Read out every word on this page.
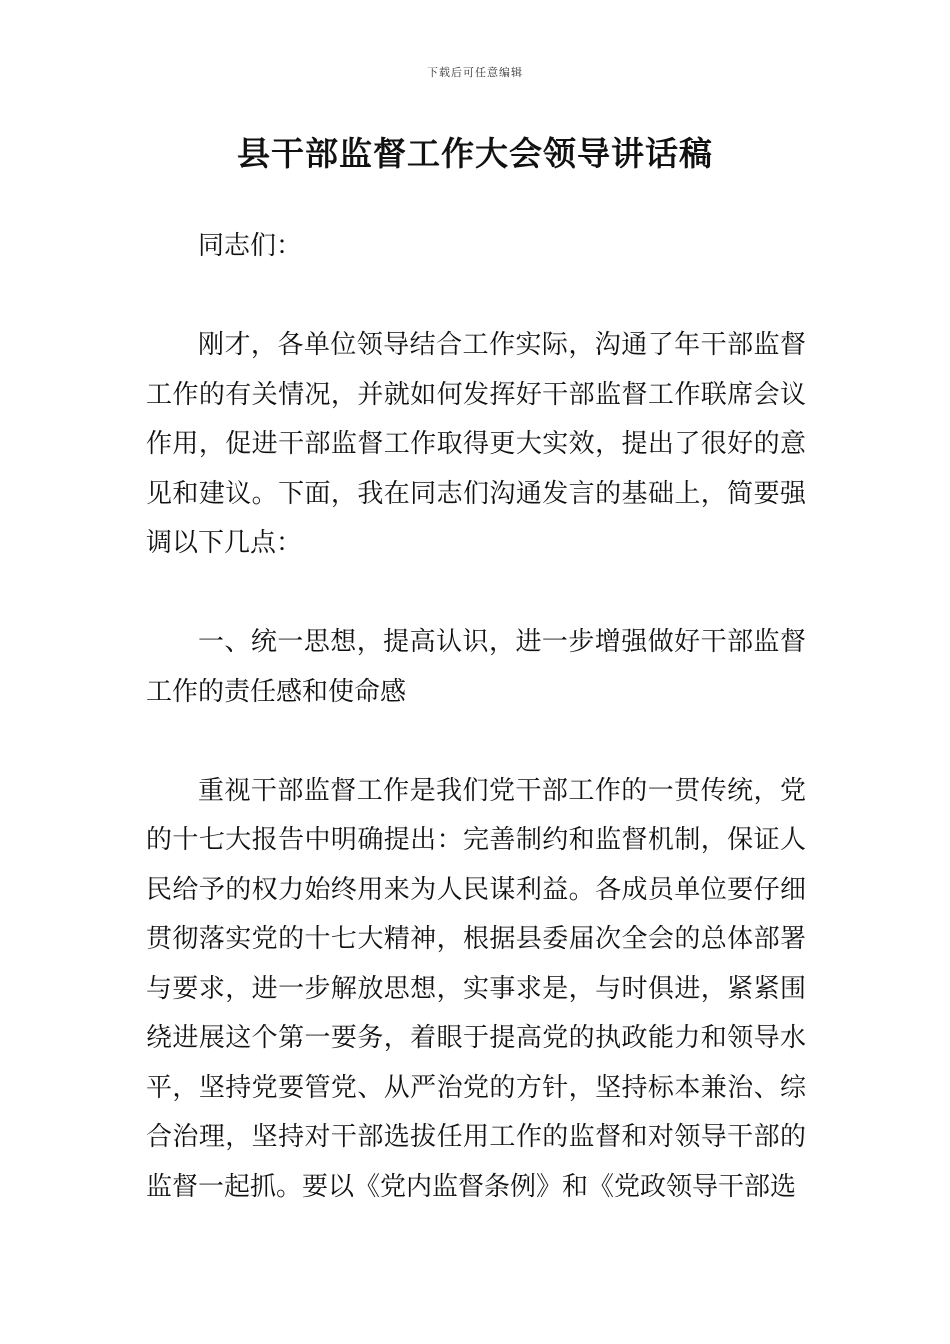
下载后可任意编辑
县干部监督工作大会领导讲话稿

同志们：

刚才，各单位领导结合工作实际，沟通了年干部监督工作的有关情况，并就如何发挥好干部监督工作联席会议作用，促进干部监督工作取得更大实效，提出了很好的意见和建议。下面，我在同志们沟通发言的基础上，简要强调以下几点：

一、统一思想，提高认识，进一步增强做好干部监督工作的责任感和使命感

重视干部监督工作是我们党干部工作的一贯传统，党的十七大报告中明确提出：完善制约和监督机制，保证人民给予的权力始终用来为人民谋利益。各成员单位要仔细贯彻落实党的十七大精神，根据县委届次全会的总体部署与要求，进一步解放思想，实事求是，与时俱进，紧紧围绕进展这个第一要务，着眼于提高党的执政能力和领导水平，坚持党要管党、从严治党的方针，坚持标本兼治、综合治理，坚持对干部选拔任用工作的监督和对领导干部的监督一起抓。要以《党内监督条例》和《党政领导干部选
